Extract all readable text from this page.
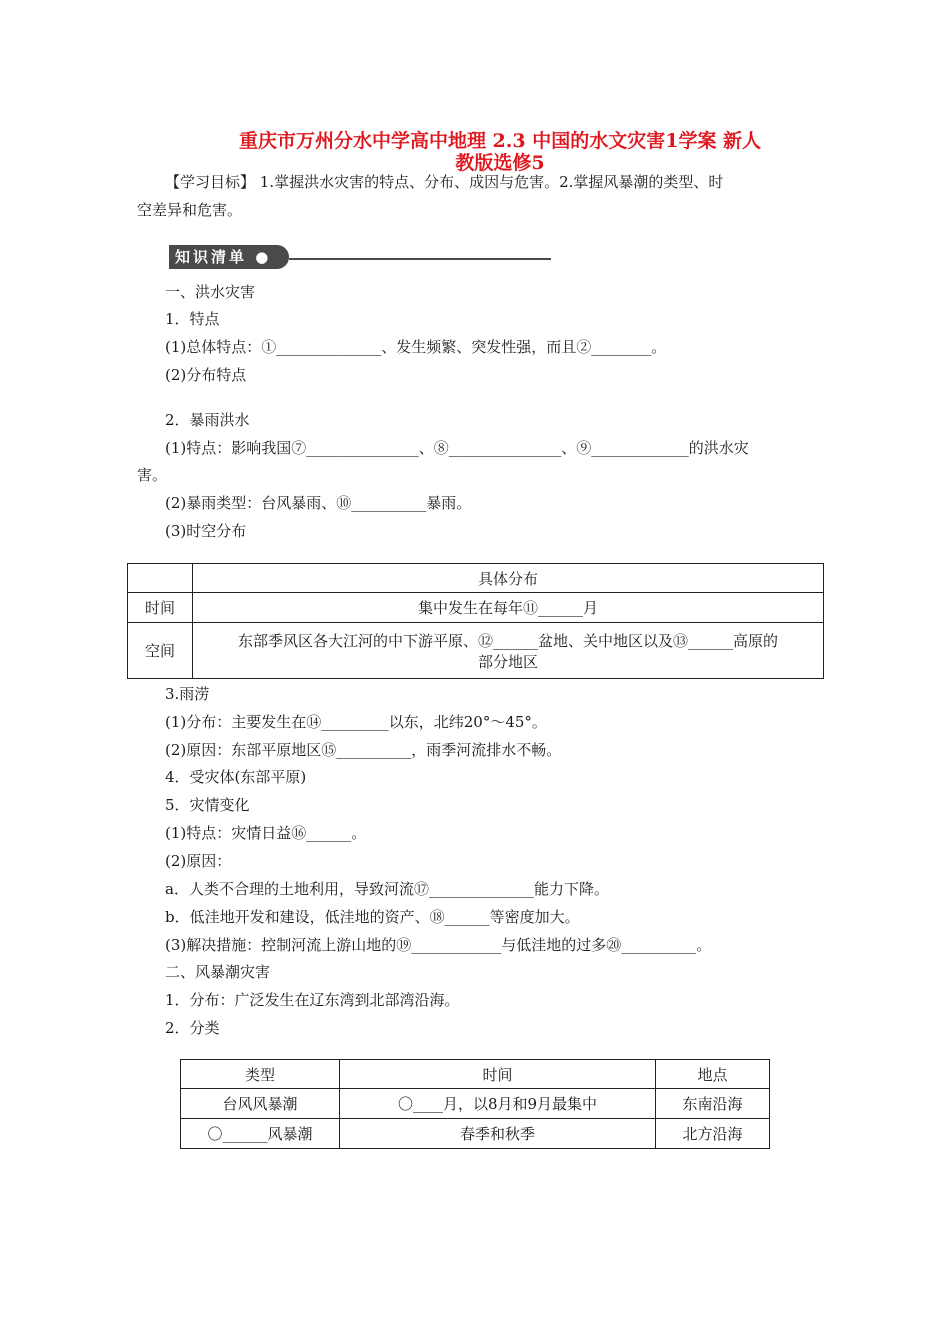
重庆市万州分水中学高中地理 2.3 中国的水文灾害1学案 新人
教版选修5
【学习目标】 1.掌握洪水灾害的特点、分布、成因与危害。2.掌握风暴潮的类型、时
空差异和危害。
知识清单 ●
一、洪水灾害
1．特点
(1)总体特点：①______________、发生频繁、突发性强，而且②________。
(2)分布特点
2．暴雨洪水
(1)特点：影响我国⑦_______________、⑧_______________、⑨_____________的洪水灾
害。
(2)暴雨类型：台风暴雨、⑩__________暴雨。
(3)时空分布
	具体分布
时间	集中发生在每年⑪______月
空间	东部季风区各大江河的中下游平原、⑫______盆地、关中地区以及⑬______高原的
部分地区
3.雨涝
(1)分布：主要发生在⑭_________以东，北纬20°～45°。
(2)原因：东部平原地区⑮__________，雨季河流排水不畅。
4．受灾体(东部平原)
5．灾情变化
(1)特点：灾情日益⑯______。
(2)原因：
a．人类不合理的土地利用，导致河流⑰______________能力下降。
b．低洼地开发和建设，低洼地的资产、⑱______等密度加大。
(3)解决措施：控制河流上游山地的⑲____________与低洼地的过多⑳__________。
二、风暴潮灾害
1．分布：广泛发生在辽东湾到北部湾沿海。
2．分类
类型	时间	地点
台风风暴潮	〇____月，以8月和9月最集中	东南沿海
〇______风暴潮	春季和秋季	北方沿海
